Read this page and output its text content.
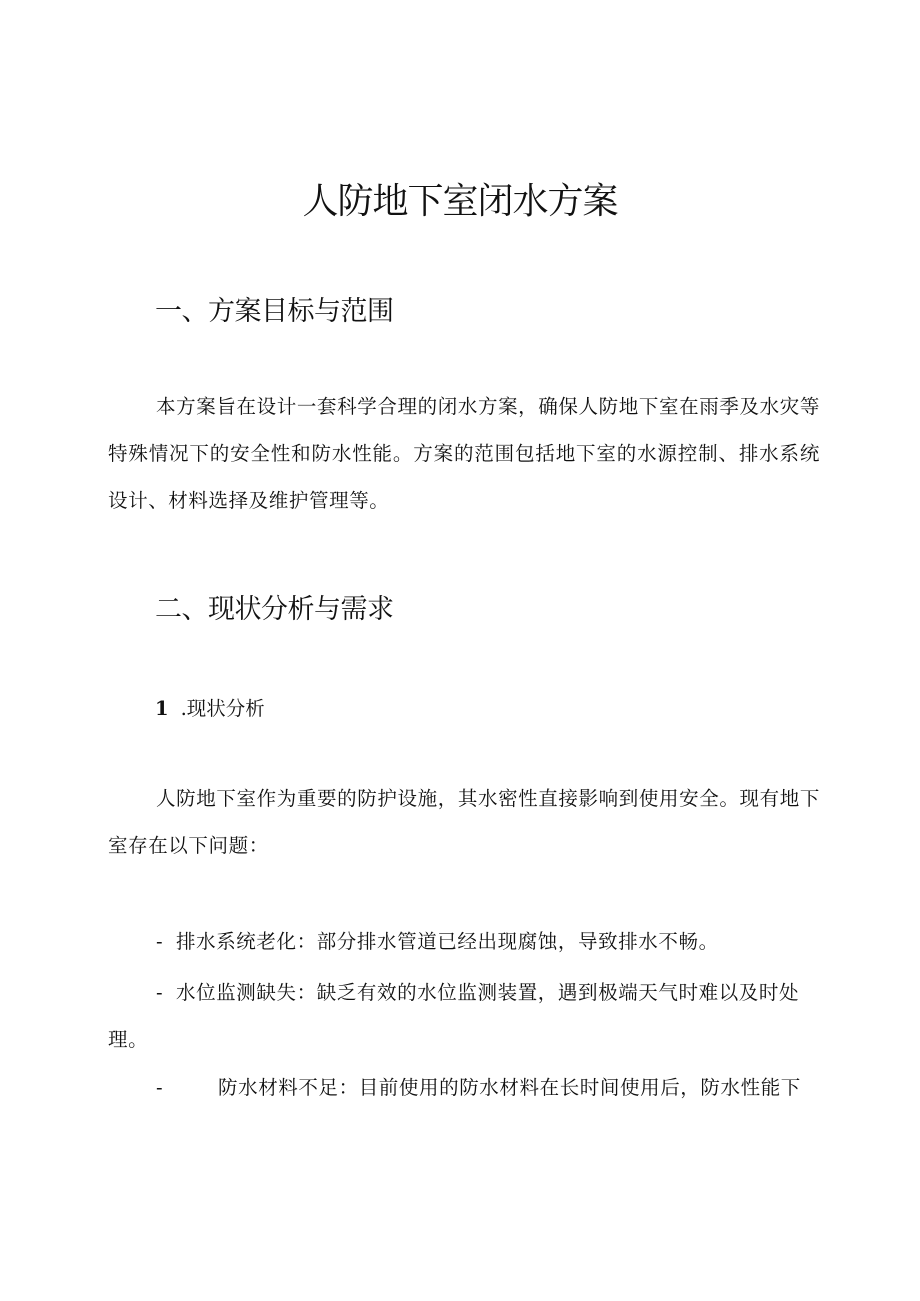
人防地下室闭水方案
一、方案目标与范围

本方案旨在设计一套科学合理的闭水方案，确保人防地下室在雨季及水灾等特殊情况下的安全性和防水性能。方案的范围包括地下室的水源控制、排水系统设计、材料选择及维护管理等。

二、现状分析与需求
1 .现状分析

人防地下室作为重要的防护设施，其水密性直接影响到使用安全。现有地下室存在以下问题：

- 排水系统老化：部分排水管道已经出现腐蚀，导致排水不畅。

- 水位监测缺失：缺乏有效的水位监测装置，遇到极端天气时难以及时处理。

-	防水材料不足：目前使用的防水材料在长时间使用后，防水性能下
